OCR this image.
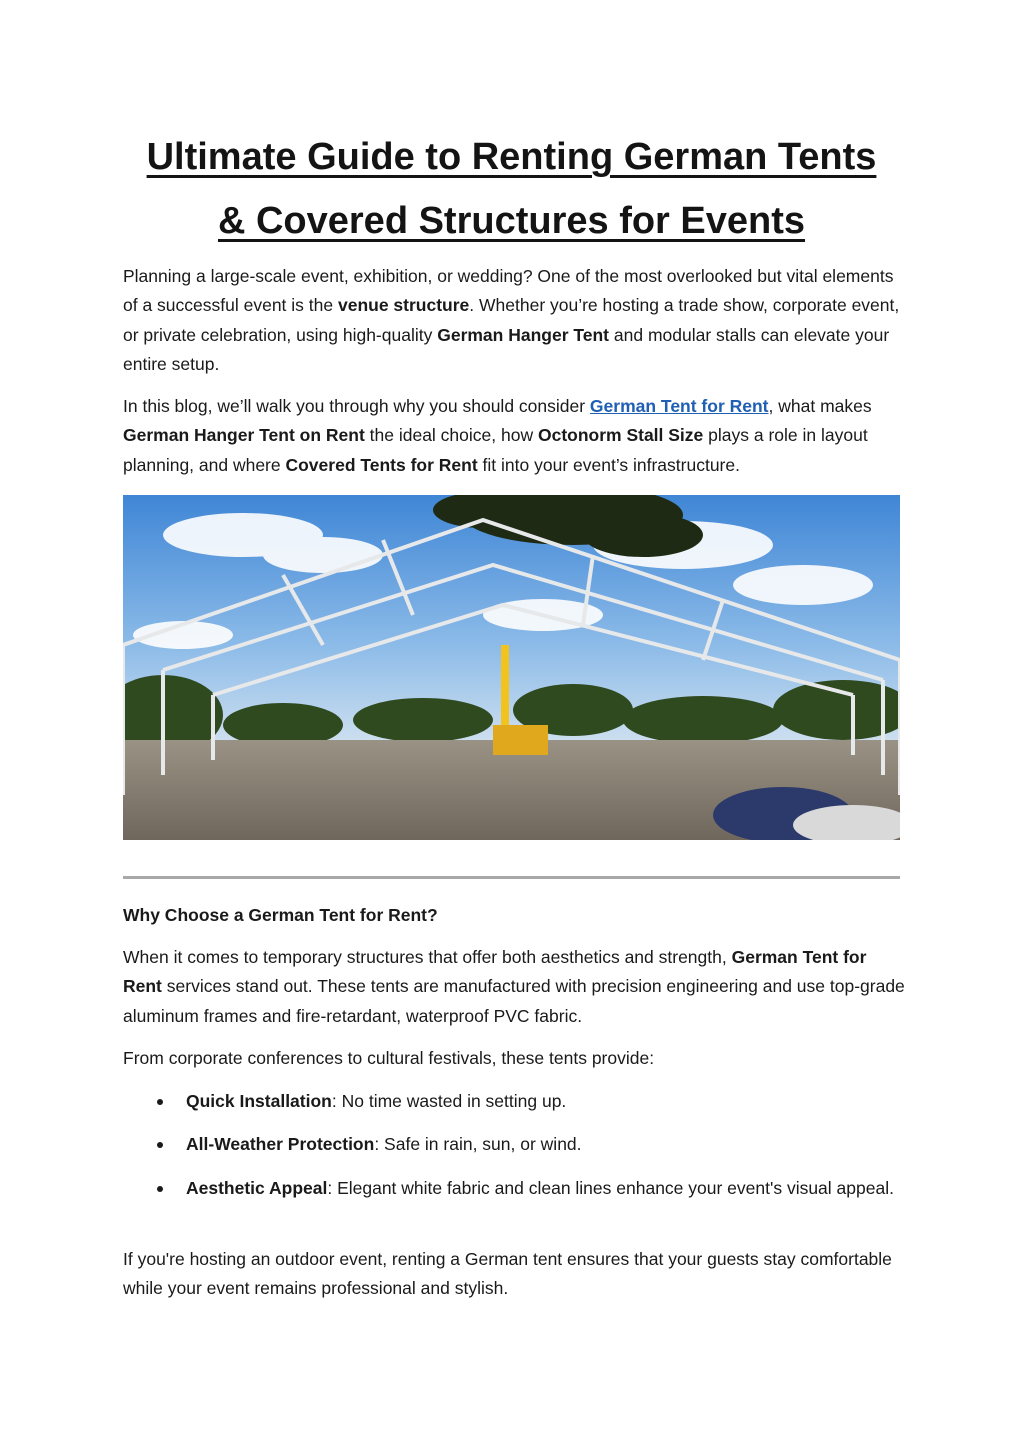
Ultimate Guide to Renting German Tents
& Covered Structures for Events

Planning a large-scale event, exhibition, or wedding? One of the most overlooked but vital elements of a successful event is the venue structure. Whether you’re hosting a trade show, corporate event, or private celebration, using high-quality German Hanger Tent and modular stalls can elevate your entire setup.

In this blog, we’ll walk you through why you should consider German Tent for Rent, what makes German Hanger Tent on Rent the ideal choice, how Octonorm Stall Size plays a role in layout planning, and where Covered Tents for Rent fit into your event’s infrastructure.

Why Choose a German Tent for Rent?

When it comes to temporary structures that offer both aesthetics and strength, German Tent for Rent services stand out. These tents are manufactured with precision engineering and use top-grade aluminum frames and fire-retardant, waterproof PVC fabric.

From corporate conferences to cultural festivals, these tents provide:

Quick Installation: No time wasted in setting up.
All-Weather Protection: Safe in rain, sun, or wind.
Aesthetic Appeal: Elegant white fabric and clean lines enhance your event's visual appeal.

If you're hosting an outdoor event, renting a German tent ensures that your guests stay comfortable while your event remains professional and stylish.
